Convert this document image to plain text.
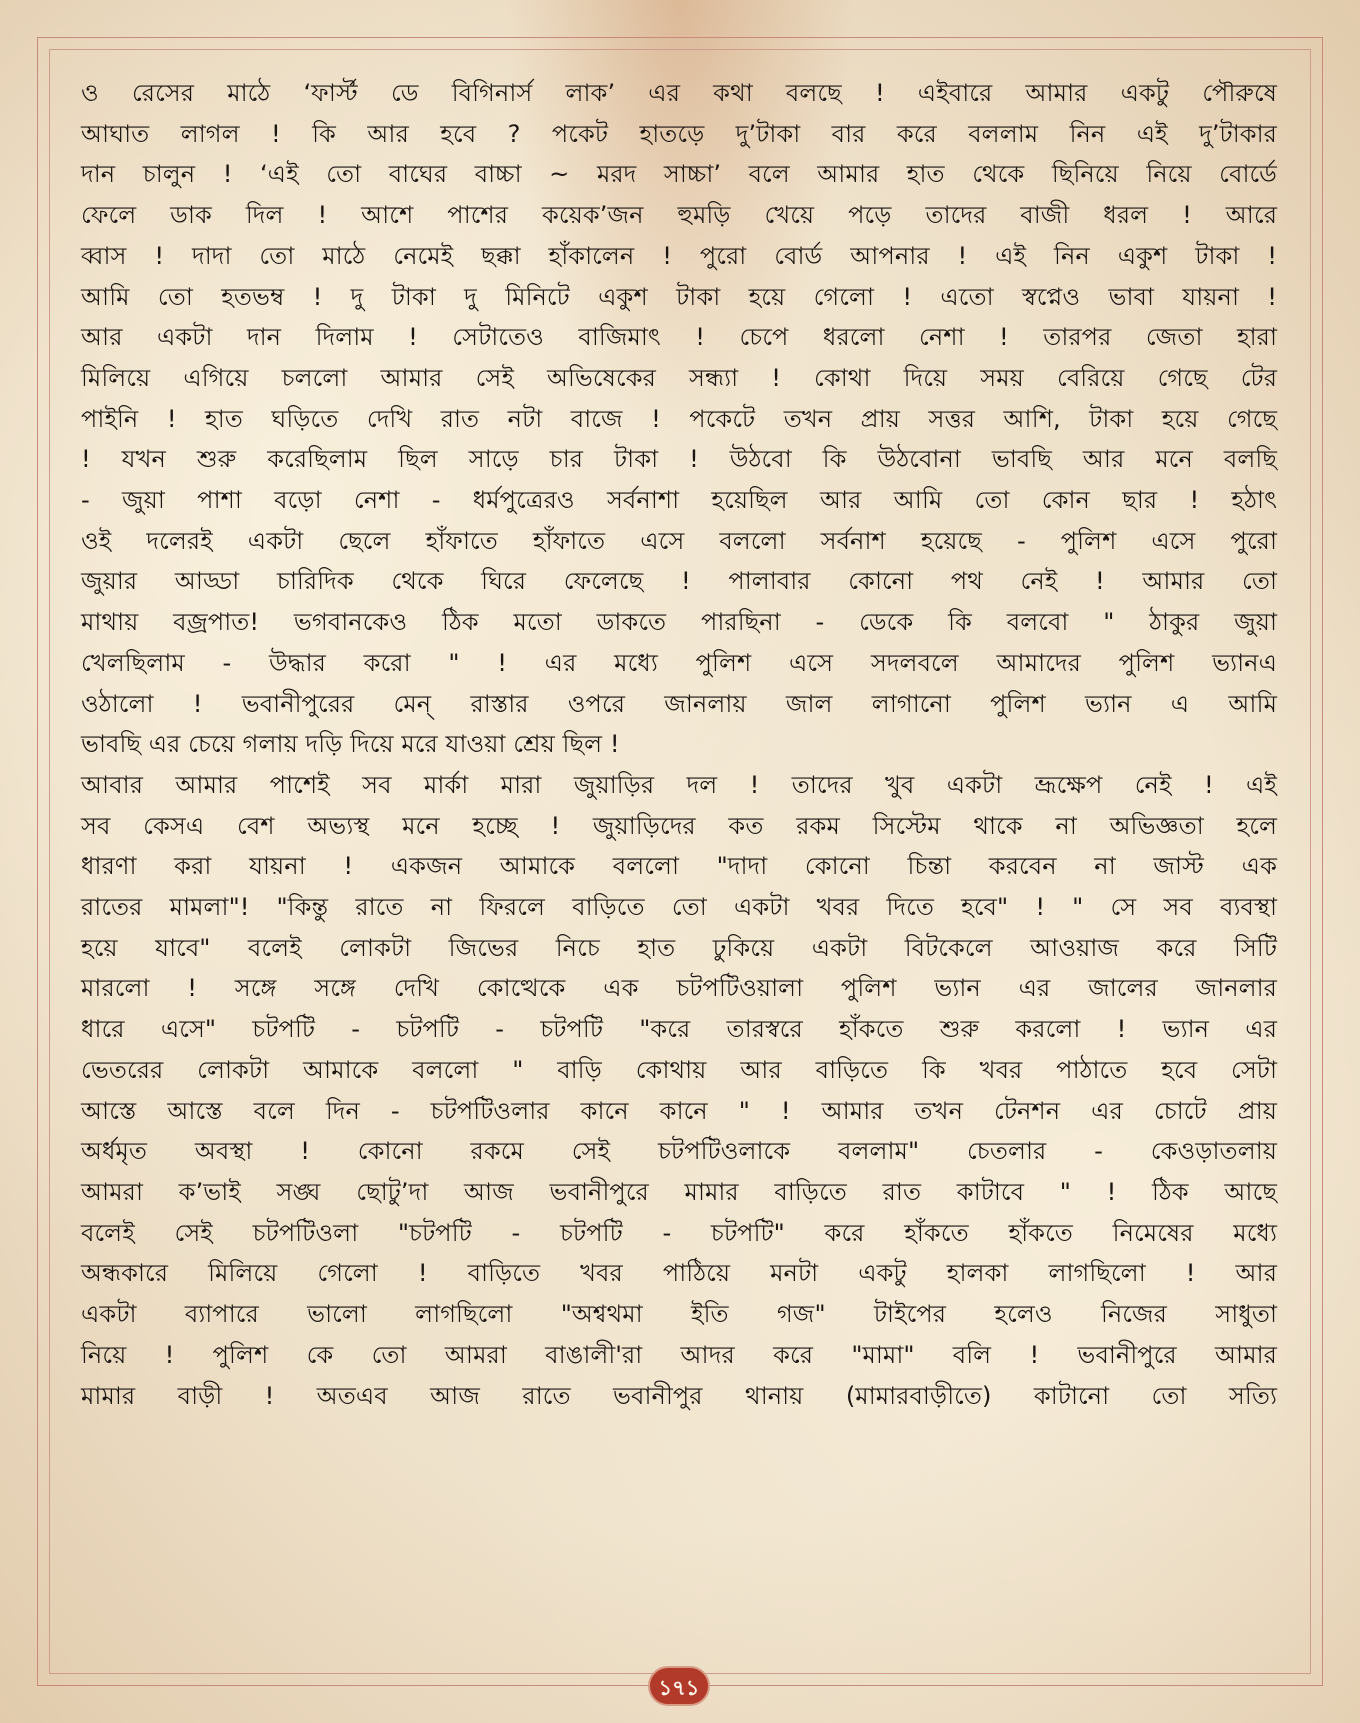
ও রেসের মাঠে ‘ফার্স্ট ডে বিগিনার্স লাক’ এর কথা বলছে ! এইবারে আমার একটু পৌরুষে
আঘাত লাগল ! কি আর হবে ? পকেট হাতড়ে দু’টাকা বার করে বললাম নিন এই দু’টাকার
দান চালুন ! ‘এই তো বাঘের বাচ্চা ~ মরদ সাচ্চা’ বলে আমার হাত থেকে ছিনিয়ে নিয়ে বোর্ডে
ফেলে ডাক দিল ! আশে পাশের কয়েক’জন হুমড়ি খেয়ে পড়ে তাদের বাজী ধরল ! আরে
ব্বাস ! দাদা তো মাঠে নেমেই ছক্কা হাঁকালেন ! পুরো বোর্ড আপনার ! এই নিন একুশ টাকা !
আমি তো হতভম্ব ! দু টাকা দু মিনিটে একুশ টাকা হয়ে গেলো ! এতো স্বপ্নেও ভাবা যায়না !
আর একটা দান দিলাম ! সেটাতেও বাজিমাৎ ! চেপে ধরলো নেশা ! তারপর জেতা হারা
মিলিয়ে এগিয়ে চললো আমার সেই অভিষেকের সন্ধ্যা ! কোথা দিয়ে সময় বেরিয়ে গেছে টের
পাইনি ! হাত ঘড়িতে দেখি রাত নটা বাজে ! পকেটে তখন প্রায় সত্তর আশি, টাকা হয়ে গেছে
! যখন শুরু করেছিলাম ছিল সাড়ে চার টাকা ! উঠবো কি উঠবোনা ভাবছি আর মনে বলছি
- জুয়া পাশা বড়ো নেশা - ধর্মপুত্রেরও সর্বনাশা হয়েছিল আর আমি তো কোন ছার ! হঠাৎ
ওই দলেরই একটা ছেলে হাঁফাতে হাঁফাতে এসে বললো সর্বনাশ হয়েছে - পুলিশ এসে পুরো
জুয়ার আড্ডা চারিদিক থেকে ঘিরে ফেলেছে ! পালাবার কোনো পথ নেই ! আমার তো
মাথায় বজ্রপাত! ভগবানকেও ঠিক মতো ডাকতে পারছিনা - ডেকে কি বলবো " ঠাকুর জুয়া
খেলছিলাম - উদ্ধার করো " ! এর মধ্যে পুলিশ এসে সদলবলে আমাদের পুলিশ ভ্যানএ
ওঠালো ! ভবানীপুরের মেন্ রাস্তার ওপরে জানলায় জাল লাগানো পুলিশ ভ্যান এ আমি
ভাবছি এর চেয়ে গলায় দড়ি দিয়ে মরে যাওয়া শ্রেয় ছিল !
আবার আমার পাশেই সব মার্কা মারা জুয়াড়ির দল ! তাদের খুব একটা ভ্রূক্ষেপ নেই ! এই
সব কেসএ বেশ অভ্যস্থ মনে হচ্ছে ! জুয়াড়িদের কত রকম সিস্টেম থাকে না অভিজ্ঞতা হলে
ধারণা করা যায়না ! একজন আমাকে বললো "দাদা কোনো চিন্তা করবেন না জাস্ট এক
রাতের মামলা"! "কিন্তু রাতে না ফিরলে বাড়িতে তো একটা খবর দিতে হবে" ! " সে সব ব্যবস্থা
হয়ে যাবে" বলেই লোকটা জিভের নিচে হাত ঢুকিয়ে একটা বিটকেলে আওয়াজ করে সিটি
মারলো ! সঙ্গে সঙ্গে দেখি কোত্থেকে এক চটপটিওয়ালা পুলিশ ভ্যান এর জালের জানলার
ধারে এসে" চটপটি - চটপটি - চটপটি "করে তারস্বরে হাঁকতে শুরু করলো ! ভ্যান এর
ভেতরের লোকটা আমাকে বললো " বাড়ি কোথায় আর বাড়িতে কি খবর পাঠাতে হবে সেটা
আস্তে আস্তে বলে দিন - চটপটিওলার কানে কানে " ! আমার তখন টেনশন এর চোটে প্রায়
অর্ধমৃত অবস্থা ! কোনো রকমে সেই চটপটিওলাকে বললাম" চেতলার - কেওড়াতলায়
আমরা ক’ভাই সঙ্ঘ ছোটু’দা আজ ভবানীপুরে মামার বাড়িতে রাত কাটাবে " ! ঠিক আছে
বলেই সেই চটপটিওলা "চটপটি - চটপটি - চটপটি" করে হাঁকতে হাঁকতে নিমেষের মধ্যে
অন্ধকারে মিলিয়ে গেলো ! বাড়িতে খবর পাঠিয়ে মনটা একটু হালকা লাগছিলো ! আর
একটা ব্যাপারে ভালো লাগছিলো "অশ্বথমা ইতি গজ" টাইপের হলেও নিজের সাধুতা
নিয়ে ! পুলিশ কে তো আমরা বাঙালী'রা আদর করে "মামা" বলি ! ভবানীপুরে আমার
মামার বাড়ী ! অতএব আজ রাতে ভবানীপুর থানায় (মামারবাড়ীতে) কাটানো তো সত্যি
১৭১
